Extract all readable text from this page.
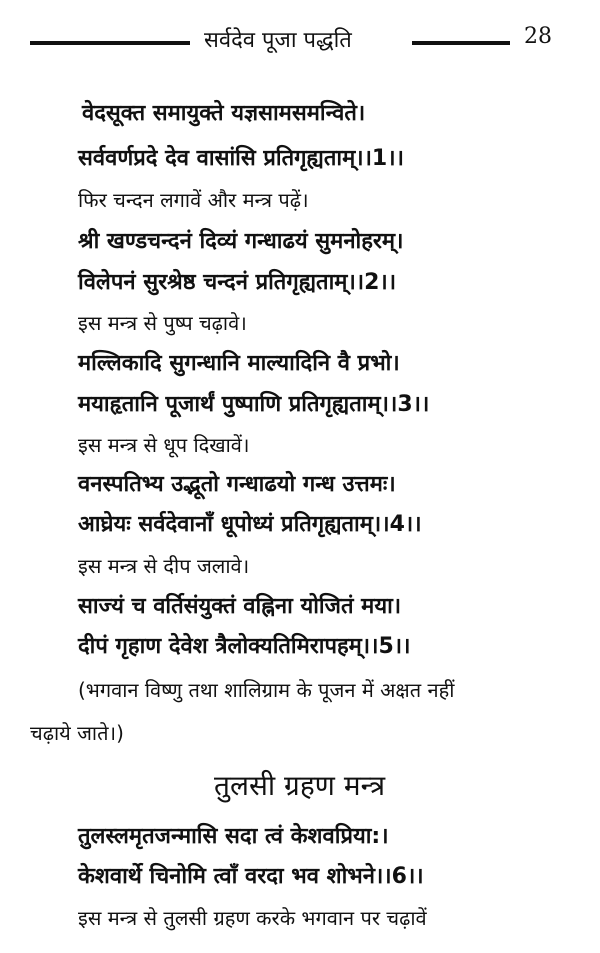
सर्वदेव पूजा पद्धति	28
वेदसूक्त समायुक्ते यज्ञसामसमन्विते।
सर्ववर्णप्रदे देव वासांसि प्रतिगृह्यताम्।।1।।
फिर चन्दन लगावें और मन्त्र पढ़ें।
श्री खण्डचन्दनं दिव्यं गन्धाढयं सुमनोहरम्।
विलेपनं सुरश्रेष्ठ चन्दनं प्रतिगृह्यताम्।।2।।
इस मन्त्र से पुष्प चढ़ावे।
मल्लिकादि सुगन्धानि माल्यादिनि वै प्रभो।
मयाहृतानि पूजार्थं पुष्पाणि प्रतिगृह्यताम्।।3।।
इस मन्त्र से धूप दिखावें।
वनस्पतिभ्य उद्भूतो गन्धाढयो गन्ध उत्तमः।
आघ्रेयः सर्वदेवानाँ धूपोध्यं प्रतिगृह्यताम्।।4।।
इस मन्त्र से दीप जलावे।
साज्यं च वर्तिसंयुक्तं वह्निना योजितं मया।
दीपं गृहाण देवेश त्रैलोक्यतिमिरापहम्।।5।।
(भगवान विष्णु तथा शालिग्राम के पूजन में अक्षत नहीं
चढ़ाये जाते।)
तुलसी ग्रहण मन्त्र
तुलस्लमृतजन्मासि सदा त्वं केशवप्रिया:।
केशवार्थे चिनोमि त्वाँ वरदा भव शोभने।।6।।
इस मन्त्र से तुलसी ग्रहण करके भगवान पर चढ़ावें
